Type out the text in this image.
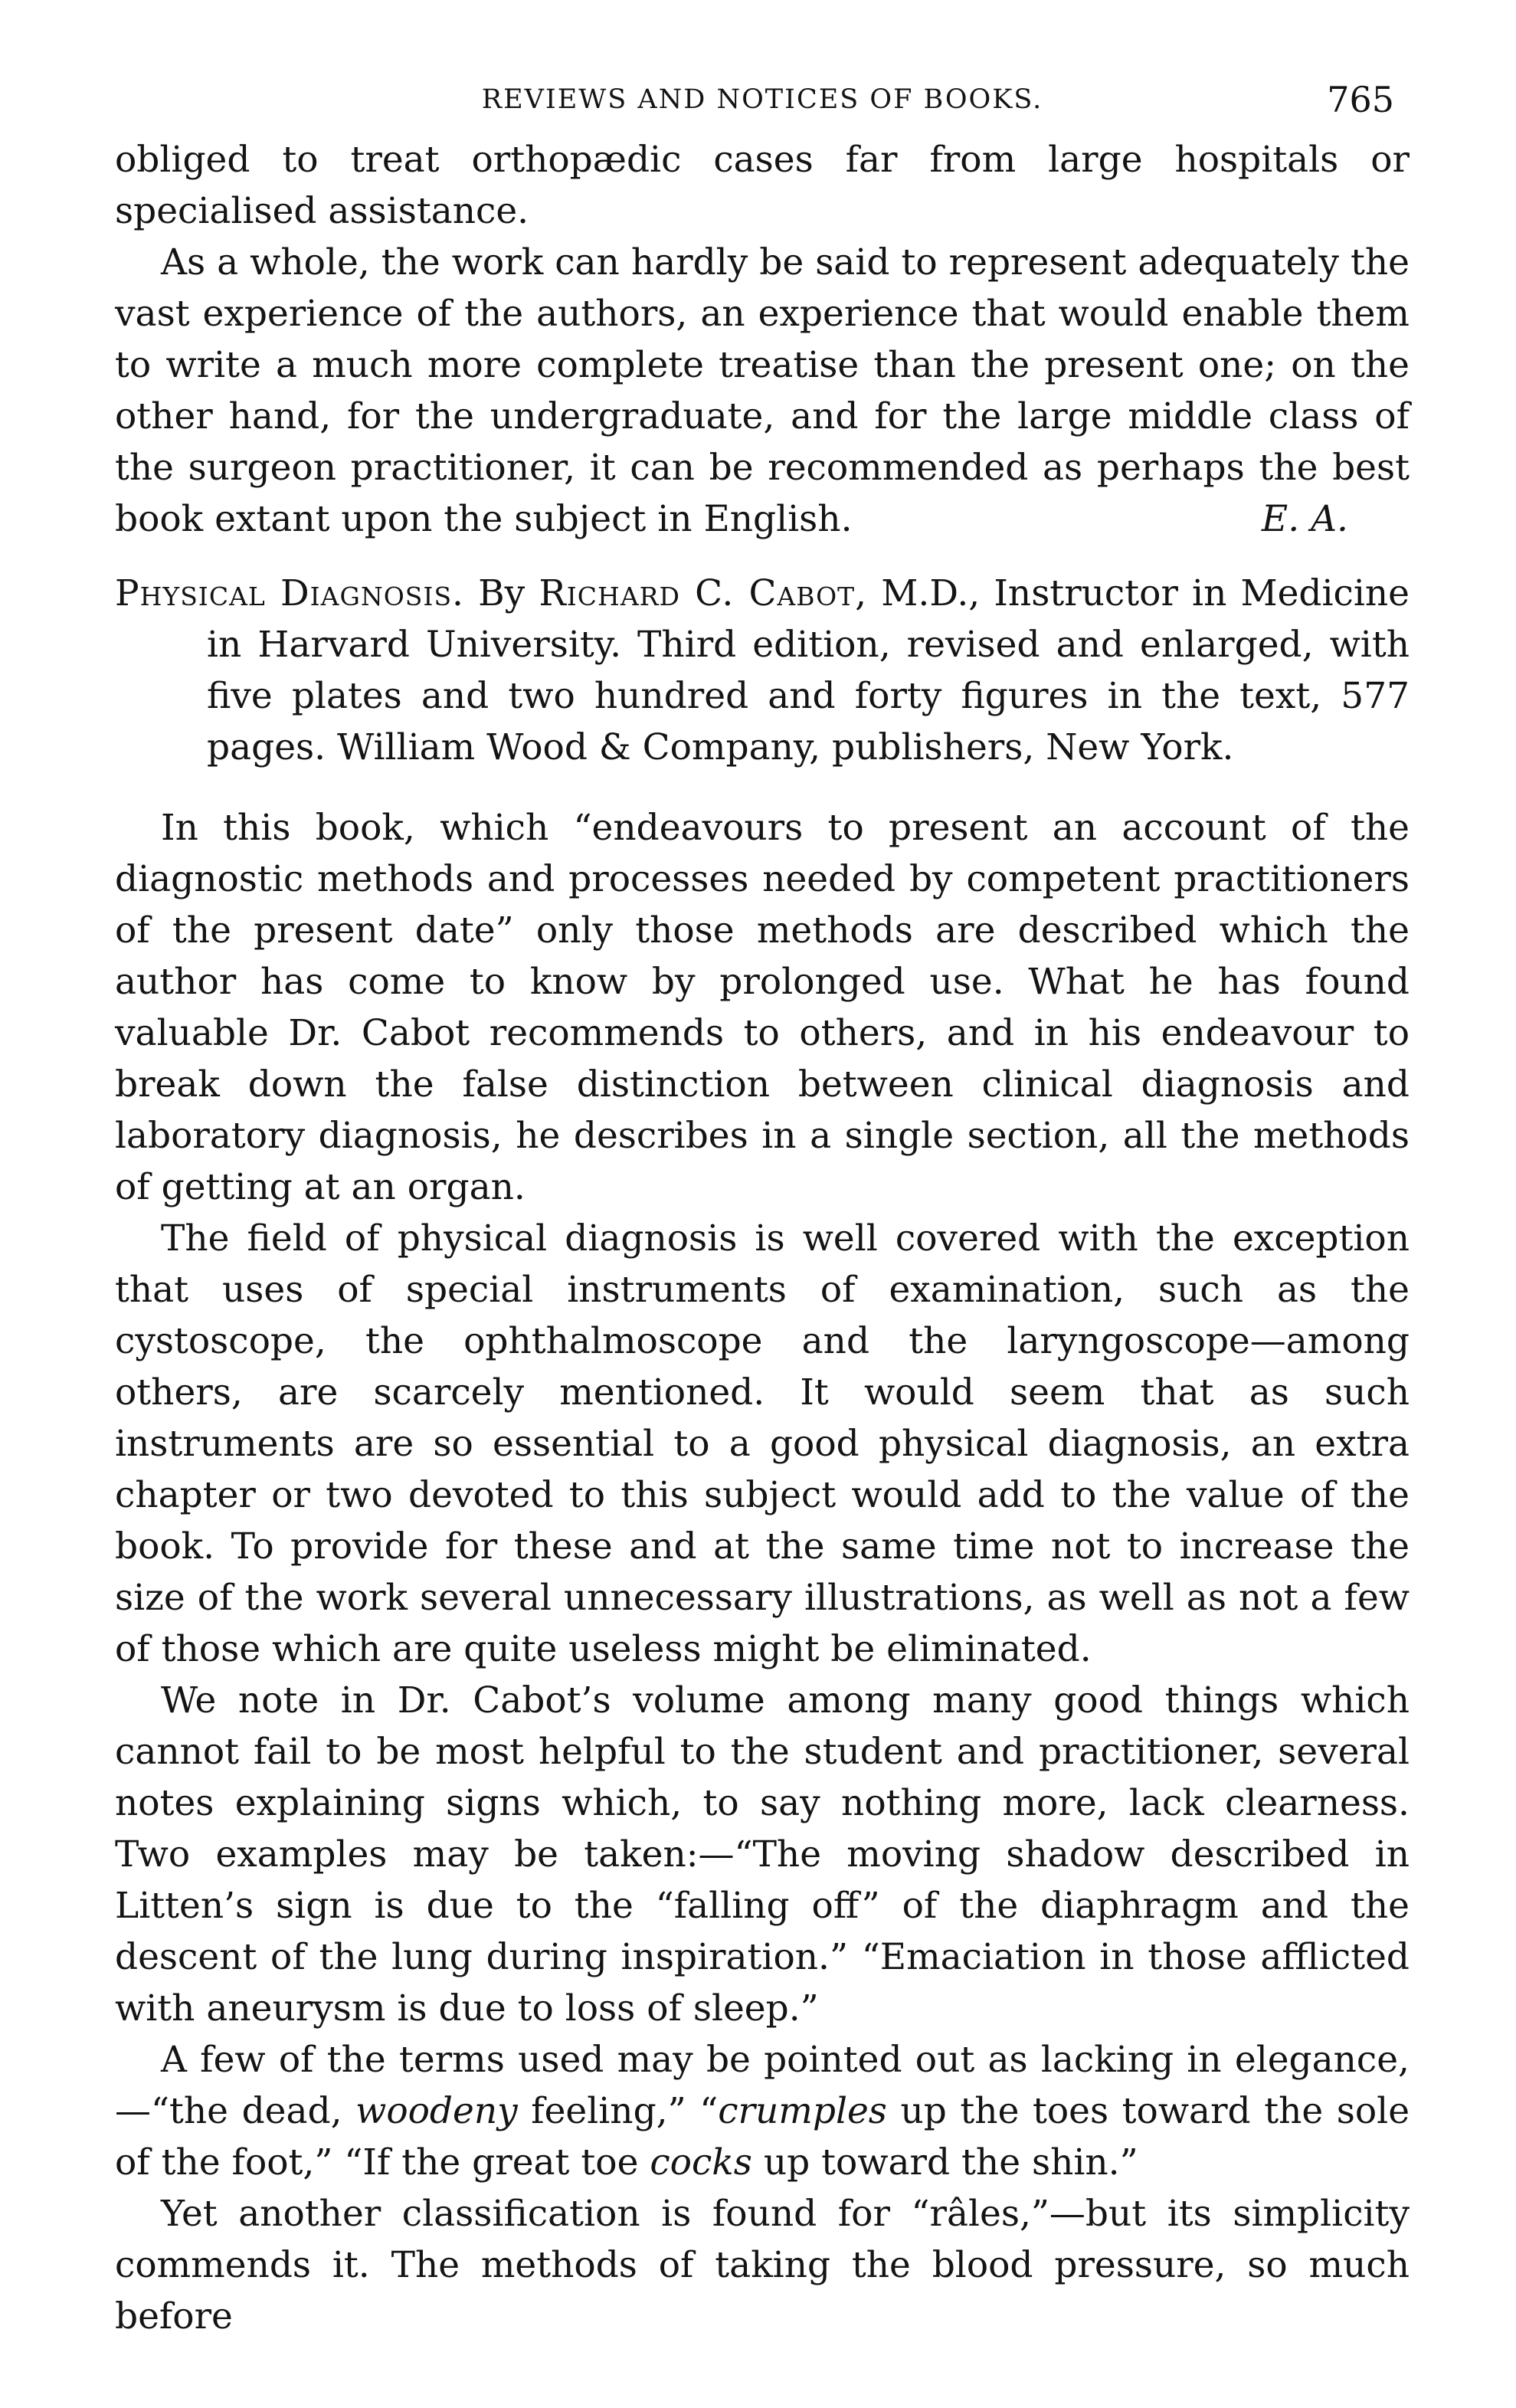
REVIEWS AND NOTICES OF BOOKS.	765

obliged to treat orthopædic cases far from large hospitals or specialised assistance.

As a whole, the work can hardly be said to represent adequately the vast experience of the authors, an experience that would enable them to write a much more complete treatise than the present one; on the other hand, for the undergraduate, and for the large middle class of the surgeon practitioner, it can be recommended as perhaps the best book extant upon the subject in English.	E. A.

Physical Diagnosis. By Richard C. Cabot, M.D., Instructor in Medicine in Harvard University. Third edition, revised and enlarged, with five plates and two hundred and forty figures in the text, 577 pages. William Wood & Company, publishers, New York.

In this book, which “endeavours to present an account of the diagnostic methods and processes needed by competent practitioners of the present date” only those methods are described which the author has come to know by prolonged use. What he has found valuable Dr. Cabot recommends to others, and in his endeavour to break down the false distinction between clinical diagnosis and laboratory diagnosis, he describes in a single section, all the methods of getting at an organ.

The field of physical diagnosis is well covered with the exception that uses of special instruments of examination, such as the cystoscope, the ophthalmoscope and the laryngoscope—among others, are scarcely mentioned. It would seem that as such instruments are so essential to a good physical diagnosis, an extra chapter or two devoted to this subject would add to the value of the book. To provide for these and at the same time not to increase the size of the work several unnecessary illustrations, as well as not a few of those which are quite useless might be eliminated.

We note in Dr. Cabot’s volume among many good things which cannot fail to be most helpful to the student and practitioner, several notes explaining signs which, to say nothing more, lack clearness. Two examples may be taken:—“The moving shadow described in Litten’s sign is due to the “falling off” of the diaphragm and the descent of the lung during inspiration.” “Emaciation in those afflicted with aneurysm is due to loss of sleep.”

A few of the terms used may be pointed out as lacking in elegance,—“the dead, woodeny feeling,” “crumples up the toes toward the sole of the foot,” “If the great toe cocks up toward the shin.”

Yet another classification is found for “râles,”—but its simplicity commends it. The methods of taking the blood pressure, so much before
